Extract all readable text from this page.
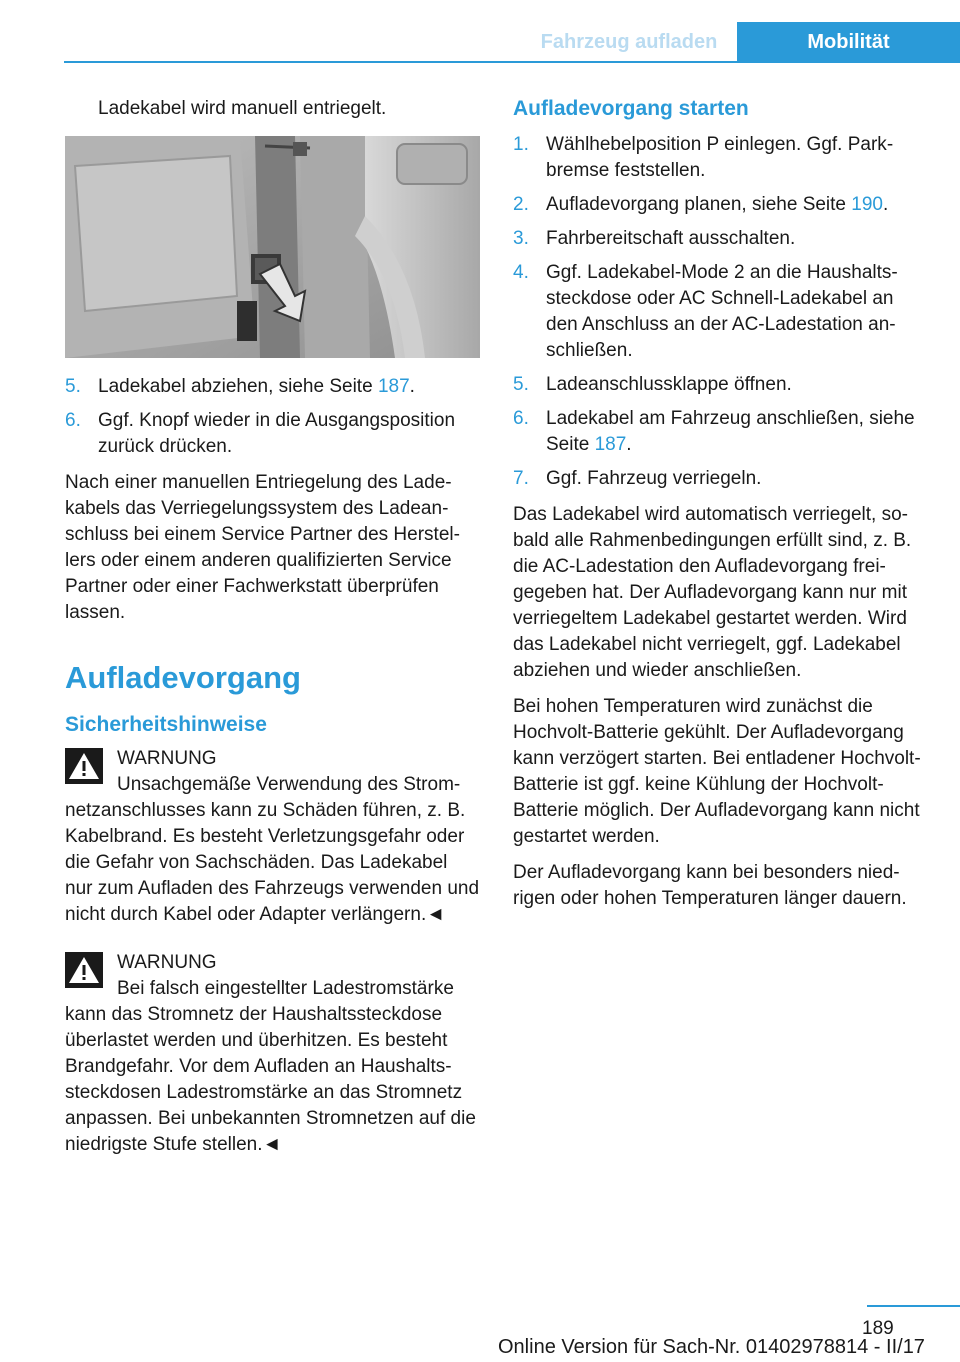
Fahrzeug aufladen	Mobilität

Ladekabel wird manuell entriegelt.

5. Ladekabel abziehen, siehe Seite 187.
6. Ggf. Knopf wieder in die Ausgangsposition zurück drücken.

Nach einer manuellen Entriegelung des Ladekabels das Verriegelungssystem des Ladeanschluss bei einem Service Partner des Herstellers oder einem anderen qualifizierten Service Partner oder einer Fachwerkstatt überprüfen lassen.

Aufladevorgang
Sicherheitshinweise

WARNUNG

Unsachgemäße Verwendung des Stromnetzanschlusses kann zu Schäden führen, z. B. Kabelbrand. Es besteht Verletzungsgefahr oder die Gefahr von Sachschäden. Das Ladekabel nur zum Aufladen des Fahrzeugs verwenden und nicht durch Kabel oder Adapter verlängern.◄

WARNUNG

Bei falsch eingestellter Ladestromstärke kann das Stromnetz der Haushaltssteckdose überlastet werden und überhitzen. Es besteht Brandgefahr. Vor dem Aufladen an Haushaltssteckdosen Ladestromstärke an das Stromnetz anpassen. Bei unbekannten Stromnetzen auf die niedrigste Stufe stellen.◄

Aufladevorgang starten
1. Wählhebelposition P einlegen. Ggf. Parkbremse feststellen.
2. Aufladevorgang planen, siehe Seite 190.
3. Fahrbereitschaft ausschalten.
4. Ggf. Ladekabel-Mode 2 an die Haushaltssteckdose oder AC Schnell-Ladekabel an den Anschluss an der AC-Ladestation anschließen.
5. Ladeanschlussklappe öffnen.
6. Ladekabel am Fahrzeug anschließen, siehe Seite 187.
7. Ggf. Fahrzeug verriegeln.

Das Ladekabel wird automatisch verriegelt, sobald alle Rahmenbedingungen erfüllt sind, z. B. die AC-Ladestation den Aufladevorgang freigegeben hat. Der Aufladevorgang kann nur mit verriegeltem Ladekabel gestartet werden. Wird das Ladekabel nicht verriegelt, ggf. Ladekabel abziehen und wieder anschließen.

Bei hohen Temperaturen wird zunächst die Hochvolt-Batterie gekühlt. Der Aufladevorgang kann verzögert starten. Bei entladener Hochvolt-Batterie ist ggf. keine Kühlung der Hochvolt-Batterie möglich. Der Aufladevorgang kann nicht gestartet werden.

Der Aufladevorgang kann bei besonders niedrigen oder hohen Temperaturen länger dauern.

189
Online Version für Sach-Nr. 01402978814 - II/17
